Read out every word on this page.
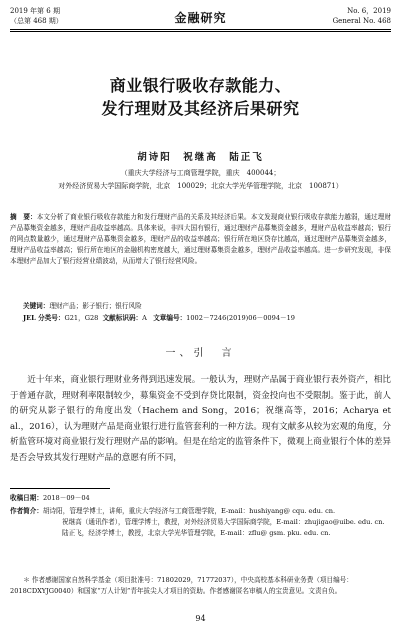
2019 年第 6 期
（总第 468 期）	金融研究	No. 6，2019
General No. 468
商业银行吸收存款能力、
发行理财及其经济后果研究
胡诗阳　祝继高　陆正飞
（重庆大学经济与工商管理学院，重庆　400044；
对外经济贸易大学国际商学院，北京　100029；北京大学光华管理学院，北京　100871）
摘　要：本文分析了商业银行吸收存款能力和发行理财产品的关系及其经济后果。本文发现商业银行吸收存款能力越弱，通过理财产品募集资金越多，理财产品收益率越高。具体来说，非四大国有银行，通过理财产品募集资金越多，理财产品收益率越高；银行的网点数量越少，通过理财产品募集资金越多，理财产品的收益率越高；银行所在地区贷存比越高，通过理财产品募集资金越多，理财产品收益率越高；银行所在地区的金融机构密度越大，通过理财募集资金越多，理财产品收益率越高。进一步研究发现，非保本理财产品加大了银行经营业绩波动，从而增大了银行经营风险。
关键词：理财产品；影子银行；银行风险
JEL 分类号：G21，G28 文献标识码：A 文章编号：1002－7246(2019)06－0094－19
一、引　言
近十年来，商业银行理财业务得到迅速发展。一般认为，理财产品属于商业银行表外资产，相比于普通存款，理财利率限制较少，募集资金不受到存贷比限制，资金投向也不受限制。鉴于此，前人的研究从影子银行的角度出发（Hachem and Song，2016；祝继高等，2016；Acharya et al.，2016），认为理财产品是商业银行进行监管套利的一种方法。现有文献多从较为宏观的角度，分析监管环境对商业银行发行理财产品的影响。但是在给定的监管条件下，微观上商业银行个体的差异是否会导致其发行理财产品的意愿有所不同，
收稿日期：2018－09－04
作者简介：胡诗阳，管理学博士，讲师，重庆大学经济与工商管理学院，E-mail：hushiyang@ cqu. edu. cn.
祝继高（通讯作者），管理学博士，教授，对外经济贸易大学国际商学院，E-mail：zhujigao@uibe. edu. cn.
陆正飞，经济学博士，教授，北京大学光华管理学院，E-mail：zflu@ gsm. pku. edu. cn.
＊ 作者感谢国家自然科学基金（项目批准号：71802029，71772037），中央高校基本科研业务费（项目编号：2018CDXYJG0040）和国家“万人计划”青年拔尖人才项目的资助。作者感谢匿名审稿人的宝贵意见。文责自负。
94
